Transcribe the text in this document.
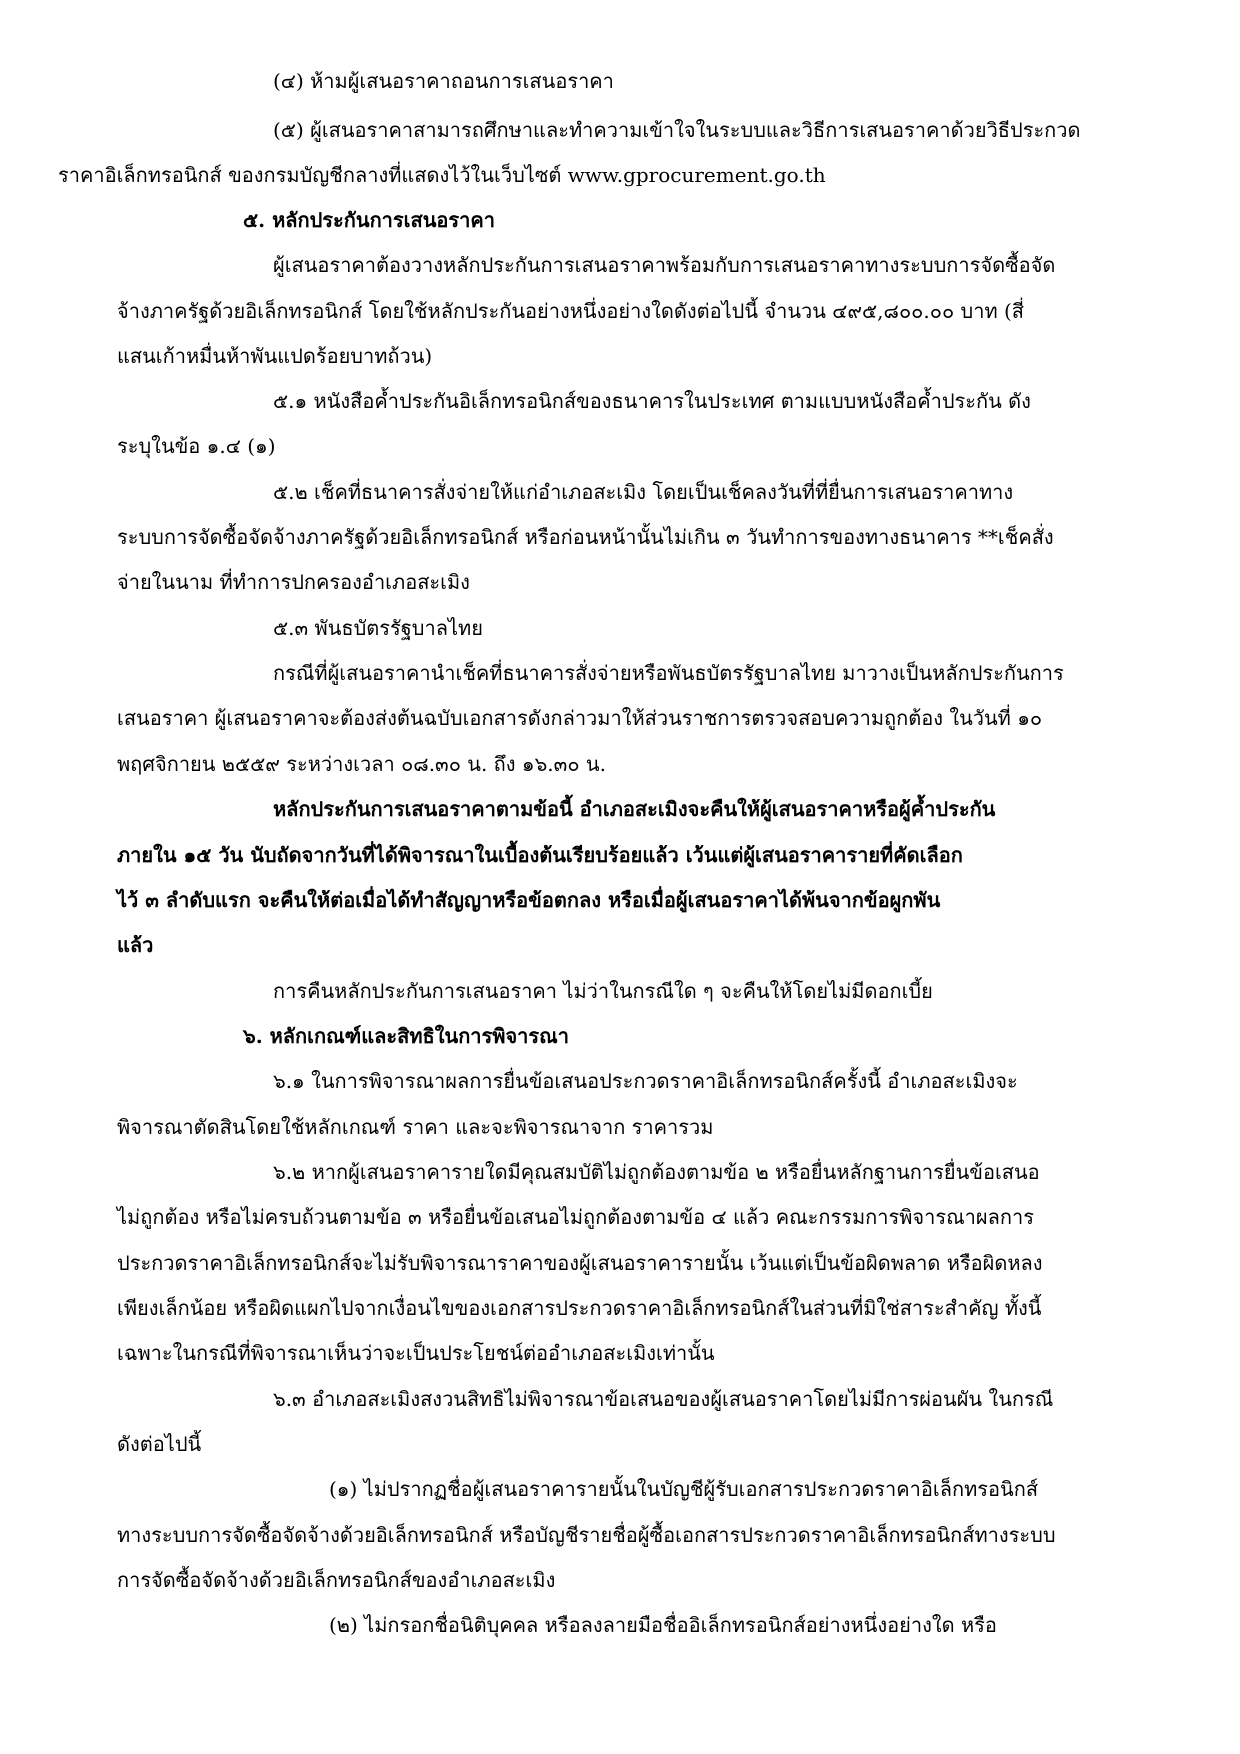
(๔) ห้ามผู้เสนอราคาถอนการเสนอราคา
(๕) ผู้เสนอราคาสามารถศึกษาและทำความเข้าใจในระบบและวิธีการเสนอราคาด้วยวิธีประกวด
ราคาอิเล็กทรอนิกส์ ของกรมบัญชีกลางที่แสดงไว้ในเว็บไซต์ www.gprocurement.go.th
๕. หลักประกันการเสนอราคา
ผู้เสนอราคาต้องวางหลักประกันการเสนอราคาพร้อมกับการเสนอราคาทางระบบการจัดซื้อจัด
จ้างภาครัฐด้วยอิเล็กทรอนิกส์ โดยใช้หลักประกันอย่างหนึ่งอย่างใดดังต่อไปนี้ จำนวน ๔๙๕,๘๐๐.๐๐ บาท (สี่
แสนเก้าหมื่นห้าพันแปดร้อยบาทถ้วน)
๕.๑ หนังสือค้ำประกันอิเล็กทรอนิกส์ของธนาคารในประเทศ ตามแบบหนังสือค้ำประกัน ดัง
ระบุในข้อ ๑.๔ (๑)
๕.๒ เช็คที่ธนาคารสั่งจ่ายให้แก่อำเภอสะเมิง โดยเป็นเช็คลงวันที่ที่ยื่นการเสนอราคาทาง
ระบบการจัดซื้อจัดจ้างภาครัฐด้วยอิเล็กทรอนิกส์ หรือก่อนหน้านั้นไม่เกิน ๓ วันทำการของทางธนาคาร **เช็คสั่ง
จ่ายในนาม ที่ทำการปกครองอำเภอสะเมิง
๕.๓ พันธบัตรรัฐบาลไทย
กรณีที่ผู้เสนอราคานำเช็คที่ธนาคารสั่งจ่ายหรือพันธบัตรรัฐบาลไทย มาวางเป็นหลักประกันการ
เสนอราคา ผู้เสนอราคาจะต้องส่งต้นฉบับเอกสารดังกล่าวมาให้ส่วนราชการตรวจสอบความถูกต้อง ในวันที่ ๑๐
พฤศจิกายน ๒๕๕๙ ระหว่างเวลา ๐๘.๓๐ น. ถึง ๑๖.๓๐ น.
หลักประกันการเสนอราคาตามข้อนี้ อำเภอสะเมิงจะคืนให้ผู้เสนอราคาหรือผู้ค้ำประกัน
ภายใน ๑๕ วัน นับถัดจากวันที่ได้พิจารณาในเบื้องต้นเรียบร้อยแล้ว เว้นแต่ผู้เสนอราคารายที่คัดเลือก
ไว้ ๓ ลำดับแรก จะคืนให้ต่อเมื่อได้ทำสัญญาหรือข้อตกลง หรือเมื่อผู้เสนอราคาได้พ้นจากข้อผูกพัน
แล้ว
การคืนหลักประกันการเสนอราคา ไม่ว่าในกรณีใด ๆ จะคืนให้โดยไม่มีดอกเบี้ย
๖. หลักเกณฑ์และสิทธิในการพิจารณา
๖.๑ ในการพิจารณาผลการยื่นข้อเสนอประกวดราคาอิเล็กทรอนิกส์ครั้งนี้ อำเภอสะเมิงจะ
พิจารณาตัดสินโดยใช้หลักเกณฑ์ ราคา และจะพิจารณาจาก ราคารวม
๖.๒ หากผู้เสนอราคารายใดมีคุณสมบัติไม่ถูกต้องตามข้อ ๒ หรือยื่นหลักฐานการยื่นข้อเสนอ
ไม่ถูกต้อง หรือไม่ครบถ้วนตามข้อ ๓ หรือยื่นข้อเสนอไม่ถูกต้องตามข้อ ๔ แล้ว คณะกรรมการพิจารณาผลการ
ประกวดราคาอิเล็กทรอนิกส์จะไม่รับพิจารณาราคาของผู้เสนอราคารายนั้น เว้นแต่เป็นข้อผิดพลาด หรือผิดหลง
เพียงเล็กน้อย หรือผิดแผกไปจากเงื่อนไขของเอกสารประกวดราคาอิเล็กทรอนิกส์ในส่วนที่มิใช่สาระสำคัญ ทั้งนี้
เฉพาะในกรณีที่พิจารณาเห็นว่าจะเป็นประโยชน์ต่ออำเภอสะเมิงเท่านั้น
๖.๓ อำเภอสะเมิงสงวนสิทธิไม่พิจารณาข้อเสนอของผู้เสนอราคาโดยไม่มีการผ่อนผัน ในกรณี
ดังต่อไปนี้
(๑) ไม่ปรากฏชื่อผู้เสนอราคารายนั้นในบัญชีผู้รับเอกสารประกวดราคาอิเล็กทรอนิกส์
ทางระบบการจัดซื้อจัดจ้างด้วยอิเล็กทรอนิกส์ หรือบัญชีรายชื่อผู้ซื้อเอกสารประกวดราคาอิเล็กทรอนิกส์ทางระบบ
การจัดซื้อจัดจ้างด้วยอิเล็กทรอนิกส์ของอำเภอสะเมิง
(๒) ไม่กรอกชื่อนิติบุคคล หรือลงลายมือชื่ออิเล็กทรอนิกส์อย่างหนึ่งอย่างใด หรือ
